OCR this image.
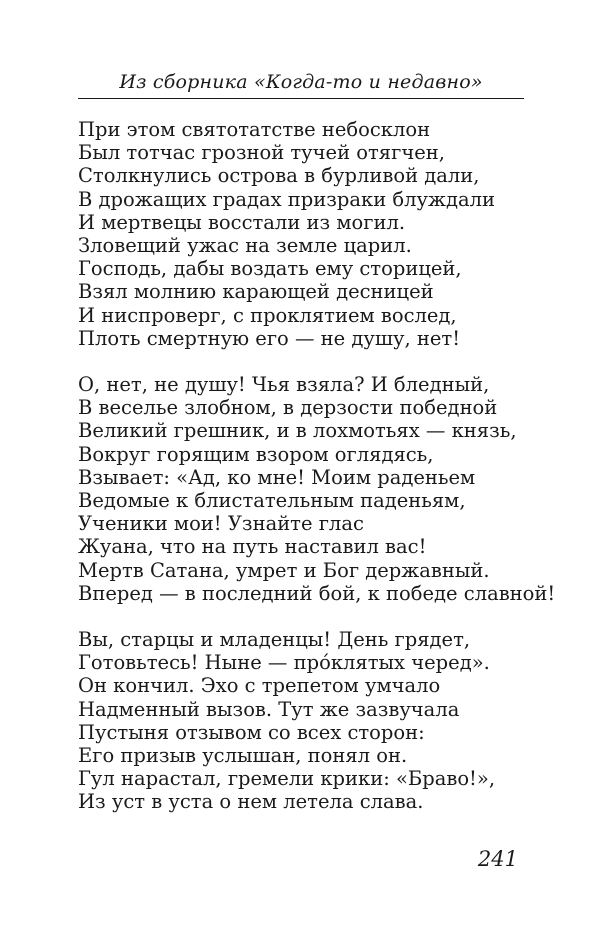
Из сборника «Когда-то и недавно»
При этом святотатстве небосклон
Был тотчас грозной тучей отягчен,
Столкнулись острова в бурливой дали,
В дрожащих градах призраки блуждали
И мертвецы восстали из могил.
Зловещий ужас на земле царил.
Господь, дабы воздать ему сторицей,
Взял молнию карающей десницей
И ниспроверг, с проклятием вослед,
Плоть смертную его — не душу, нет!
О, нет, не душу! Чья взяла? И бледный,
В веселье злобном, в дерзости победной
Великий грешник, и в лохмотьях — князь,
Вокруг горящим взором оглядясь,
Взывает: «Ад, ко мне! Моим раденьем
Ведомые к блистательным паденьям,
Ученики мои! Узнайте глас
Жуана, что на путь наставил вас!
Мертв Сатана, умрет и Бог державный.
Вперед — в последний бой, к победе славной!
Вы, старцы и младенцы! День грядет,
Готовьтесь! Ныне — про́клятых черед».
Он кончил. Эхо с трепетом умчало
Надменный вызов. Тут же зазвучала
Пустыня отзывом со всех сторон:
Его призыв услышан, понял он.
Гул нарастал, гремели крики: «Браво!»,
Из уст в уста о нем летела слава.
241
